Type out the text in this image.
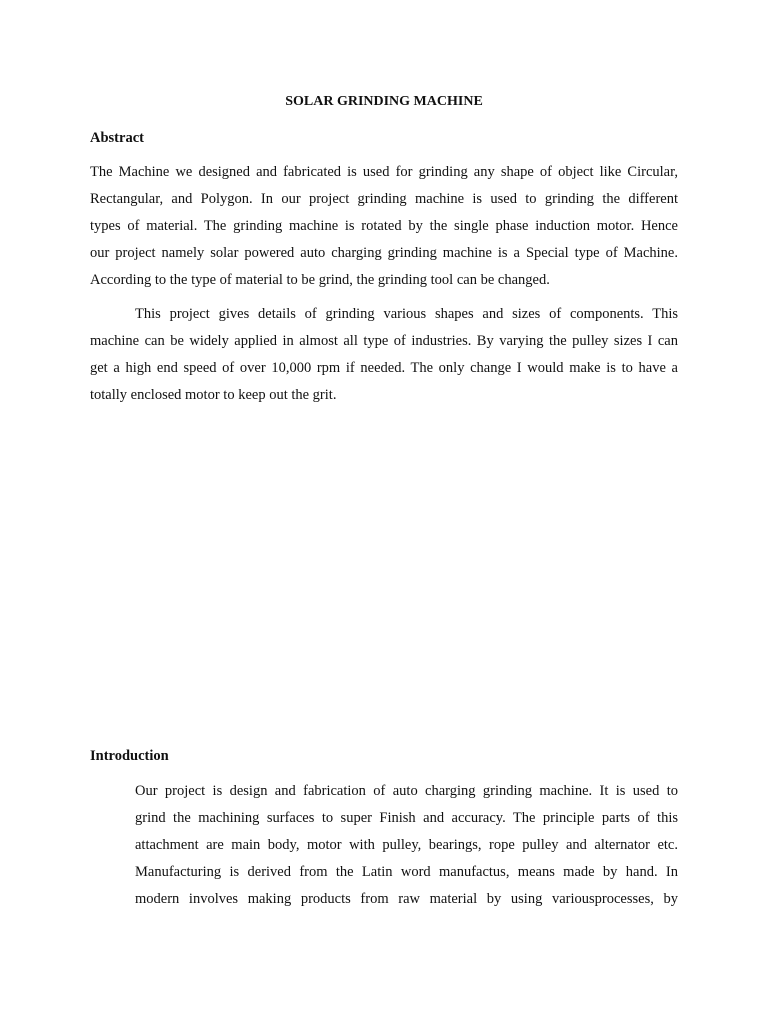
SOLAR GRINDING MACHINE
Abstract
The Machine we designed and fabricated is used for grinding any shape of object like Circular,
Rectangular, and Polygon. In our project grinding machine is used to grinding the different
types of material. The grinding machine is rotated by the single phase induction motor. Hence
our project namely solar powered auto charging grinding machine is a Special type of Machine.
According to the type of material to be grind, the grinding tool can be changed.
This project gives details of grinding various shapes and sizes of components. This
machine can be widely applied in almost all type of industries. By varying the pulley sizes I can
get a high end speed of over 10,000 rpm if needed. The only change I would make is to have a
totally enclosed motor to keep out the grit.
Introduction
Our project is design and fabrication of auto charging grinding machine. It is used to
grind the machining surfaces to super Finish and accuracy. The principle parts of this
attachment are main body, motor with pulley, bearings, rope pulley and alternator etc.
Manufacturing is derived from the Latin word manufactus, means made by hand. In
modern involves making products from raw material by using variousprocesses, by
